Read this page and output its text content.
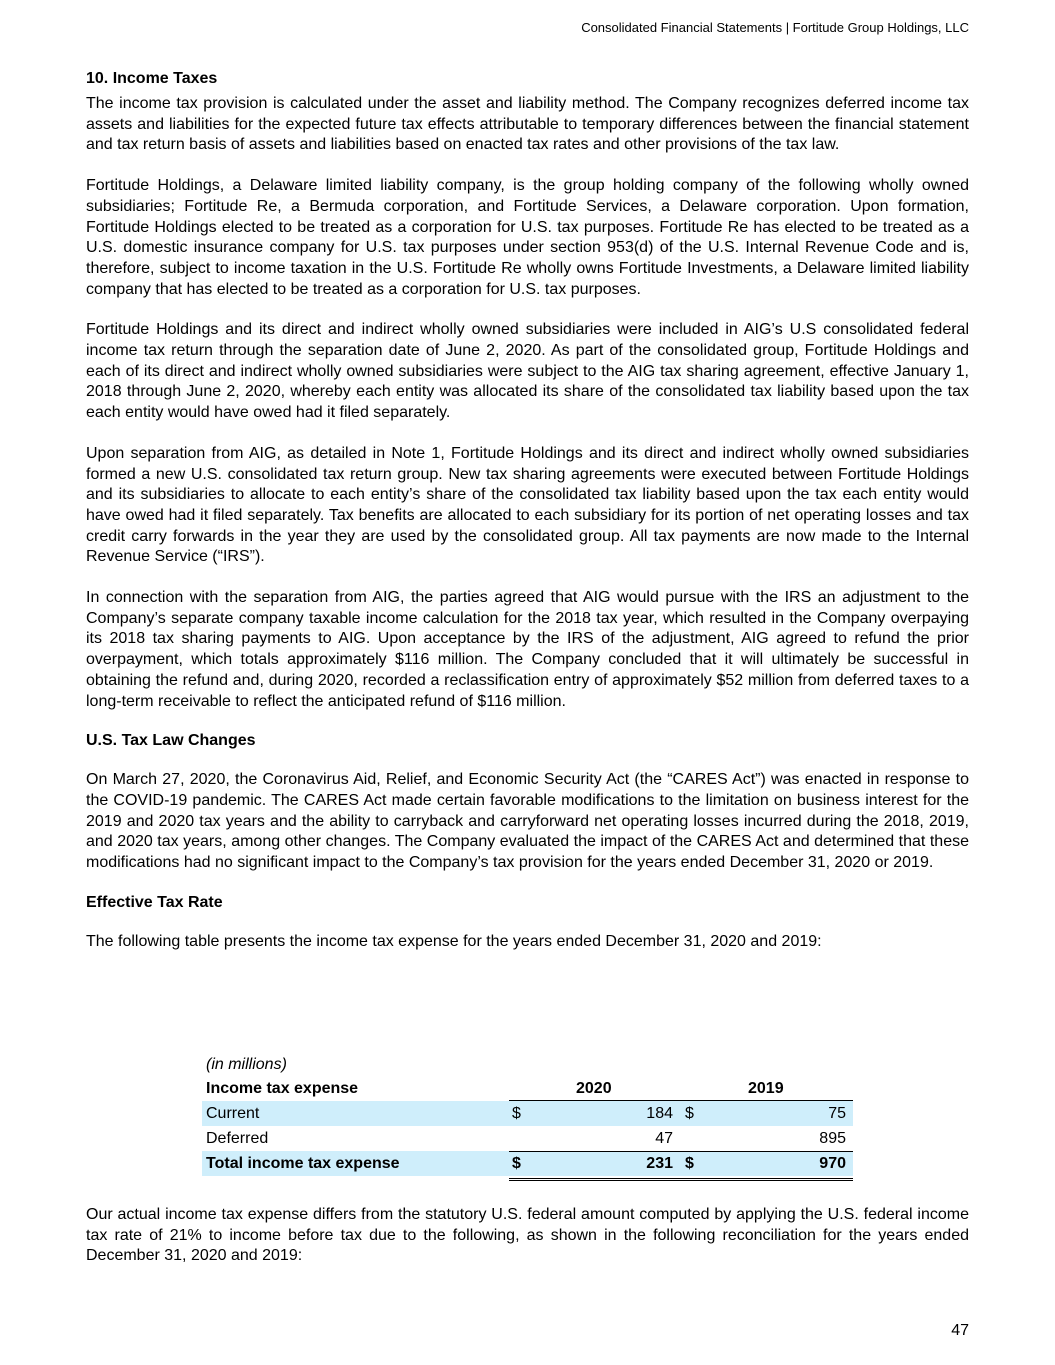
Consolidated Financial Statements | Fortitude Group Holdings, LLC
10. Income Taxes

The income tax provision is calculated under the asset and liability method. The Company recognizes deferred income tax assets and liabilities for the expected future tax effects attributable to temporary differences between the financial statement and tax return basis of assets and liabilities based on enacted tax rates and other provisions of the tax law.

Fortitude Holdings, a Delaware limited liability company, is the group holding company of the following wholly owned subsidiaries; Fortitude Re, a Bermuda corporation, and Fortitude Services, a Delaware corporation. Upon formation, Fortitude Holdings elected to be treated as a corporation for U.S. tax purposes. Fortitude Re has elected to be treated as a U.S. domestic insurance company for U.S. tax purposes under section 953(d) of the U.S. Internal Revenue Code and is, therefore, subject to income taxation in the U.S. Fortitude Re wholly owns Fortitude Investments, a Delaware limited liability company that has elected to be treated as a corporation for U.S. tax purposes.

Fortitude Holdings and its direct and indirect wholly owned subsidiaries were included in AIG’s U.S consolidated federal income tax return through the separation date of June 2, 2020. As part of the consolidated group, Fortitude Holdings and each of its direct and indirect wholly owned subsidiaries were subject to the AIG tax sharing agreement, effective January 1, 2018 through June 2, 2020, whereby each entity was allocated its share of the consolidated tax liability based upon the tax each entity would have owed had it filed separately.

Upon separation from AIG, as detailed in Note 1, Fortitude Holdings and its direct and indirect wholly owned subsidiaries formed a new U.S. consolidated tax return group. New tax sharing agreements were executed between Fortitude Holdings and its subsidiaries to allocate to each entity’s share of the consolidated tax liability based upon the tax each entity would have owed had it filed separately. Tax benefits are allocated to each subsidiary for its portion of net operating losses and tax credit carry forwards in the year they are used by the consolidated group. All tax payments are now made to the Internal Revenue Service (“IRS”).

In connection with the separation from AIG, the parties agreed that AIG would pursue with the IRS an adjustment to the Company’s separate company taxable income calculation for the 2018 tax year, which resulted in the Company overpaying its 2018 tax sharing payments to AIG. Upon acceptance by the IRS of the adjustment, AIG agreed to refund the prior overpayment, which totals approximately $116 million. The Company concluded that it will ultimately be successful in obtaining the refund and, during 2020, recorded a reclassification entry of approximately $52 million from deferred taxes to a long-term receivable to reflect the anticipated refund of $116 million.

U.S. Tax Law Changes

On March 27, 2020, the Coronavirus Aid, Relief, and Economic Security Act (the “CARES Act”) was enacted in response to the COVID-19 pandemic. The CARES Act made certain favorable modifications to the limitation on business interest for the 2019 and 2020 tax years and the ability to carryback and carryforward net operating losses incurred during the 2018, 2019, and 2020 tax years, among other changes. The Company evaluated the impact of the CARES Act and determined that these modifications had no significant impact to the Company’s tax provision for the years ended December 31, 2020 or 2019.

Effective Tax Rate

The following table presents the income tax expense for the years ended December 31, 2020 and 2019:

(in millions)
Income tax expense	2020	2019
Current	$	184 $	75
Deferred	47	895
Total income tax expense	$	231 $	970

Our actual income tax expense differs from the statutory U.S. federal amount computed by applying the U.S. federal income tax rate of 21% to income before tax due to the following, as shown in the following reconciliation for the years ended December 31, 2020 and 2019:

47
